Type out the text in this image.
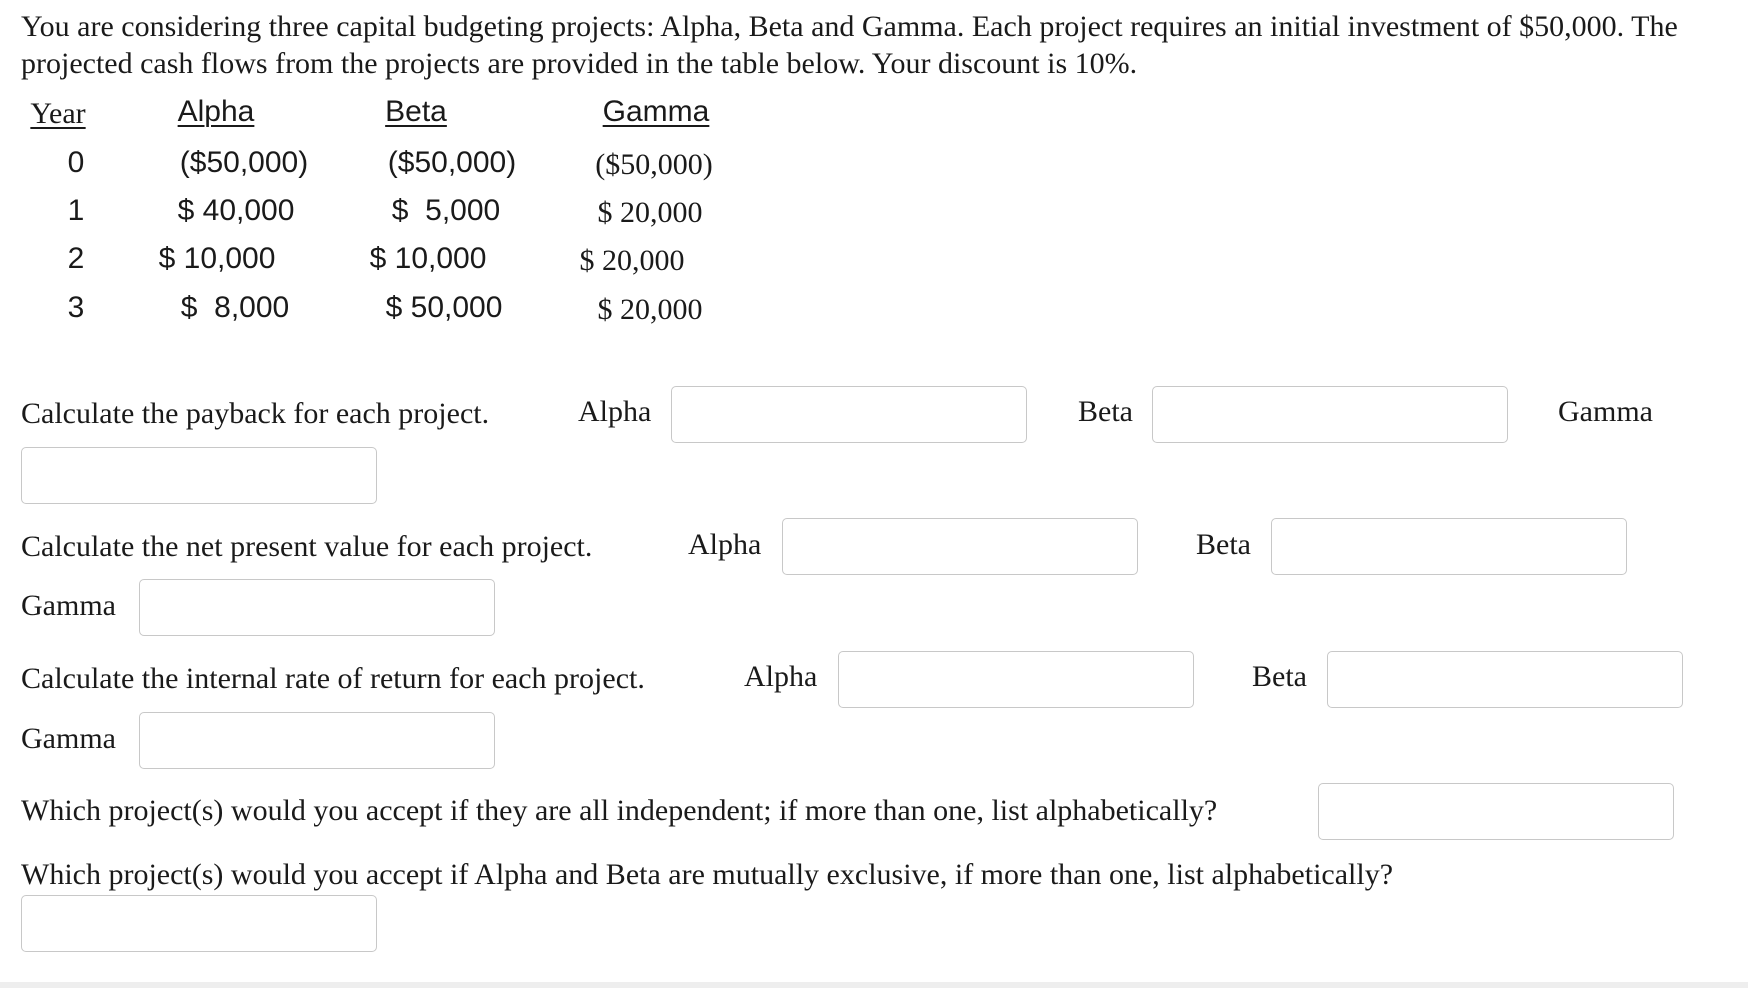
You are considering three capital budgeting projects: Alpha, Beta and Gamma. Each project requires an initial investment of $50,000. The projected cash flows from the projects are provided in the table below. Your discount is 10%.
Year	Alpha	Beta	Gamma
0	($50,000)	($50,000)	($50,000)
1	$ 40,000	$  5,000	$ 20,000
2 $ 10,000	$ 10,000	$ 20,000
3	$  8,000	$ 50,000	$ 20,000
Calculate the payback for each project.	Alpha	Beta	Gamma
Calculate the net present value for each project.	Alpha	Beta
Gamma
Calculate the internal rate of return for each project.	Alpha	Beta
Gamma
Which project(s) would you accept if they are all independent; if more than one, list alphabetically?
Which project(s) would you accept if Alpha and Beta are mutually exclusive, if more than one, list alphabetically?
